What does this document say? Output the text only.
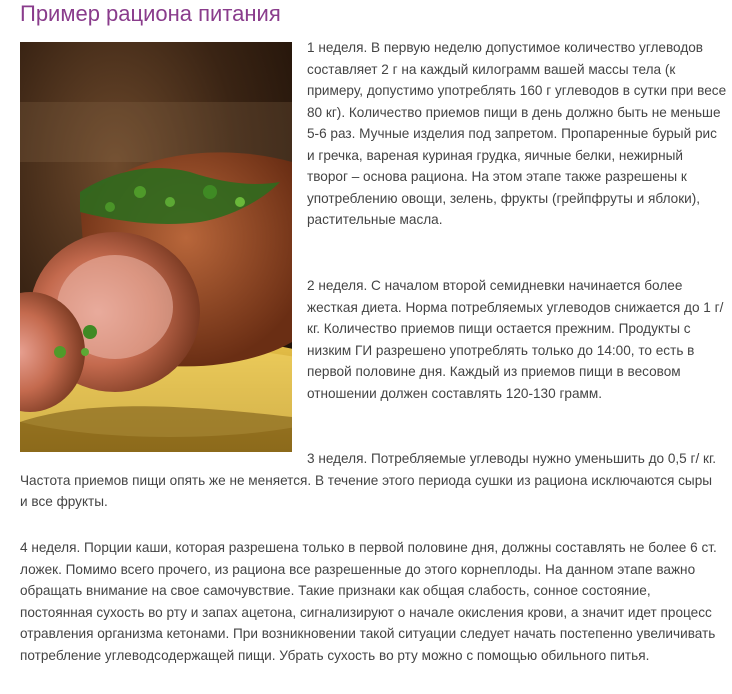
Пример рациона питания

1 неделя. В первую неделю допустимое количество углеводов составляет 2 г на каждый килограмм вашей массы тела (к примеру, допустимо употреблять 160 г углеводов в сутки при весе 80 кг). Количество приемов пищи в день должно быть не меньше 5-6 раз. Мучные изделия под запретом. Пропаренные бурый рис и гречка, вареная куриная грудка, яичные белки, нежирный творог – основа рациона. На этом этапе также разрешены к употреблению овощи, зелень, фрукты (грейпфруты и яблоки), растительные масла.

2 неделя. С началом второй семидневки начинается более жесткая диета. Норма потребляемых углеводов снижается до 1 г/кг. Количество приемов пищи остается прежним. Продукты с низким ГИ разрешено употреблять только до 14:00, то есть в первой половине дня. Каждый из приемов пищи в весовом отношении должен составлять 120-130 грамм.

3 неделя. Потребляемые углеводы нужно уменьшить до 0,5 г/ кг. Частота приемов пищи опять же не меняется. В течение этого периода сушки из рациона исключаются сыры и все фрукты.

4 неделя. Порции каши, которая разрешена только в первой половине дня, должны составлять не более 6 ст. ложек. Помимо всего прочего, из рациона все разрешенные до этого корнеплоды. На данном этапе важно обращать внимание на свое самочувствие. Такие признаки как общая слабость, сонное состояние, постоянная сухость во рту и запах ацетона, сигнализируют о начале окисления крови, а значит идет процесс отравления организма кетонами. При возникновении такой ситуации следует начать постепенно увеличивать потребление углеводсодержащей пищи. Убрать сухость во рту можно с помощью обильного питья.
